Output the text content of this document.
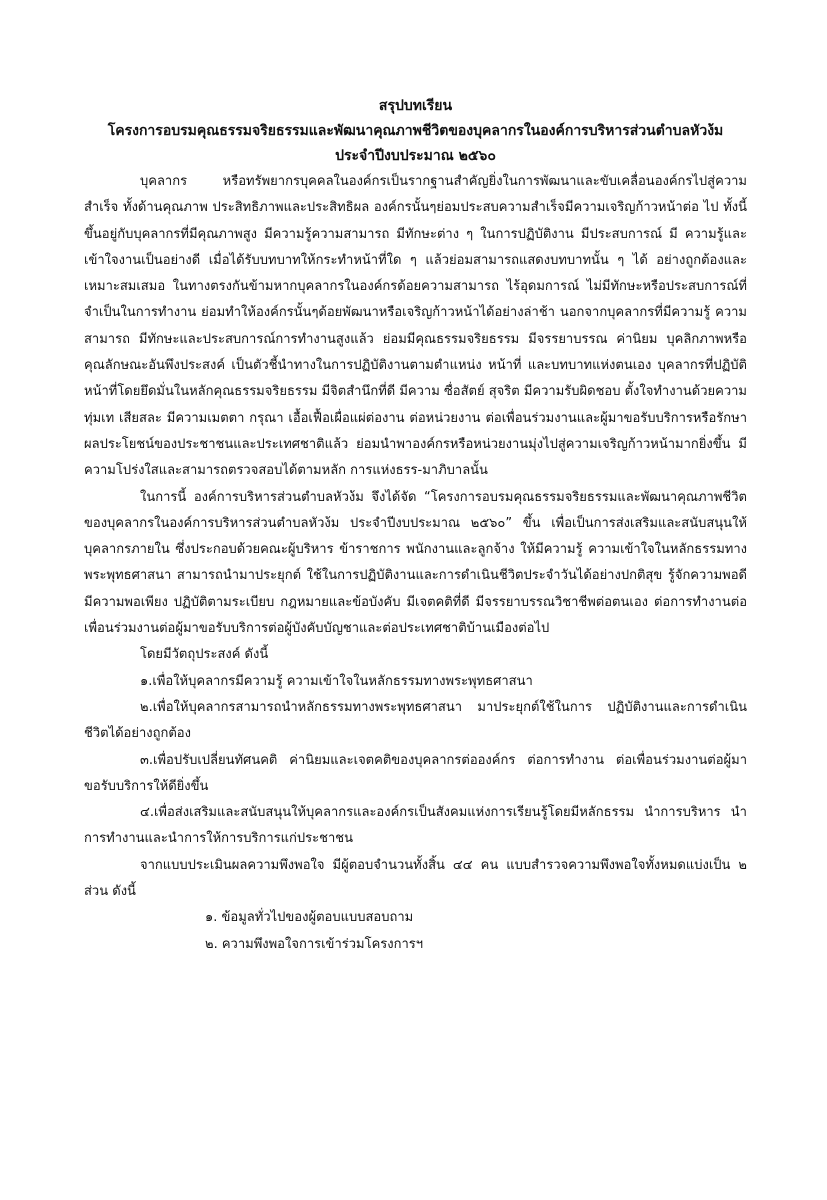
สรุปบทเรียน

โครงการอบรมคุณธรรมจริยธรรมและพัฒนาคุณภาพชีวิตของบุคลากรในองค์การบริหารส่วนตำบลหัวง้ม

ประจำปีงบประมาณ ๒๕๖๐

บุคลากร หรือทรัพยากรบุคคลในองค์กรเป็นรากฐานสำคัญยิ่งในการพัฒนาและขับเคลื่อนองค์กรไปสู่ความสำเร็จ ทั้งด้านคุณภาพ ประสิทธิภาพและประสิทธิผล องค์กรนั้นๆย่อมประสบความสำเร็จมีความเจริญก้าวหน้าต่อ ไป ทั้งนี้ขึ้นอยู่กับบุคลากรที่มีคุณภาพสูง มีความรู้ความสามารถ มีทักษะต่าง ๆ ในการปฏิบัติงาน มีประสบการณ์ มี ความรู้และเข้าใจงานเป็นอย่างดี เมื่อได้รับบทบาทให้กระทำหน้าที่ใด ๆ แล้วย่อมสามารถแสดงบทบาทนั้น ๆ ได้ อย่างถูกต้องและเหมาะสมเสมอ ในทางตรงกันข้ามหากบุคลากรในองค์กรด้อยความสามารถ ไร้อุดมการณ์ ไม่มีทักษะหรือประสบการณ์ที่จำเป็นในการทำงาน ย่อมทำให้องค์กรนั้นๆด้อยพัฒนาหรือเจริญก้าวหน้าได้อย่างล่าช้า นอกจากบุคลากรที่มีความรู้ ความสามารถ มีทักษะและประสบการณ์การทำงานสูงแล้ว ย่อมมีคุณธรรมจริยธรรม มีจรรยาบรรณ ค่านิยม บุคลิกภาพหรือคุณลักษณะอันพึงประสงค์ เป็นตัวชี้นำทางในการปฏิบัติงานตามตำแหน่ง หน้าที่ และบทบาทแห่งตนเอง บุคลากรที่ปฏิบัติหน้าที่โดยยึดมั่นในหลักคุณธรรมจริยธรรม มีจิตสำนึกที่ดี มีความ ซื่อสัตย์ สุจริต มีความรับผิดชอบ ตั้งใจทำงานด้วยความทุ่มเท เสียสละ มีความเมตตา กรุณา เอื้อเฟื้อเผื่อแผ่ต่องาน ต่อหน่วยงาน ต่อเพื่อนร่วมงานและผู้มาขอรับบริการหรือรักษาผลประโยชน์ของประชาชนและประเทศชาติแล้ว ย่อมนำพาองค์กรหรือหน่วยงานมุ่งไปสู่ความเจริญก้าวหน้ามากยิ่งขึ้น มีความโปร่งใสและสามารถตรวจสอบได้ตามหลัก การแห่งธรร-มาภิบาลนั้น

ในการนี้ องค์การบริหารส่วนตำบลหัวง้ม จึงได้จัด “โครงการอบรมคุณธรรมจริยธรรมและพัฒนาคุณภาพชีวิตของบุคลากรในองค์การบริหารส่วนตำบลหัวง้ม ประจำปีงบประมาณ ๒๕๖๐” ขึ้น เพื่อเป็นการส่งเสริมและสนับสนุนให้บุคลากรภายใน ซึ่งประกอบด้วยคณะผู้บริหาร ข้าราชการ พนักงานและลูกจ้าง ให้มีความรู้ ความเข้าใจในหลักธรรมทางพระพุทธศาสนา สามารถนำมาประยุกต์ ใช้ในการปฏิบัติงานและการดำเนินชีวิตประจำวันได้อย่างปกติสุข รู้จักความพอดีมีความพอเพียง ปฏิบัติตามระเบียบ กฎหมายและข้อบังคับ มีเจตคติที่ดี มีจรรยาบรรณวิชาชีพต่อตนเอง ต่อการทำงานต่อเพื่อนร่วมงานต่อผู้มาขอรับบริการต่อผู้บังคับบัญชาและต่อประเทศชาติบ้านเมืองต่อไป

โดยมีวัตถุประสงค์ ดังนี้

๑.เพื่อให้บุคลากรมีความรู้ ความเข้าใจในหลักธรรมทางพระพุทธศาสนา

๒.เพื่อให้บุคลากรสามารถนำหลักธรรมทางพระพุทธศาสนา มาประยุกต์ใช้ในการ ปฏิบัติงานและการดำเนินชีวิตได้อย่างถูกต้อง

๓.เพื่อปรับเปลี่ยนทัศนคติ ค่านิยมและเจตคติของบุคลากรต่อองค์กร ต่อการทำงาน ต่อเพื่อนร่วมงานต่อผู้มาขอรับบริการให้ดียิ่งขึ้น

๔.เพื่อส่งเสริมและสนับสนุนให้บุคลากรและองค์กรเป็นสังคมแห่งการเรียนรู้โดยมีหลักธรรม นำการบริหาร นำการทำงานและนำการให้การบริการแก่ประชาชน

จากแบบประเมินผลความพึงพอใจ มีผู้ตอบจำนวนทั้งสิ้น ๔๔ คน แบบสำรวจความพึงพอใจทั้งหมดแบ่งเป็น ๒ ส่วน ดังนี้

๑. ข้อมูลทั่วไปของผู้ตอบแบบสอบถาม

๒. ความพึงพอใจการเข้าร่วมโครงการฯ
